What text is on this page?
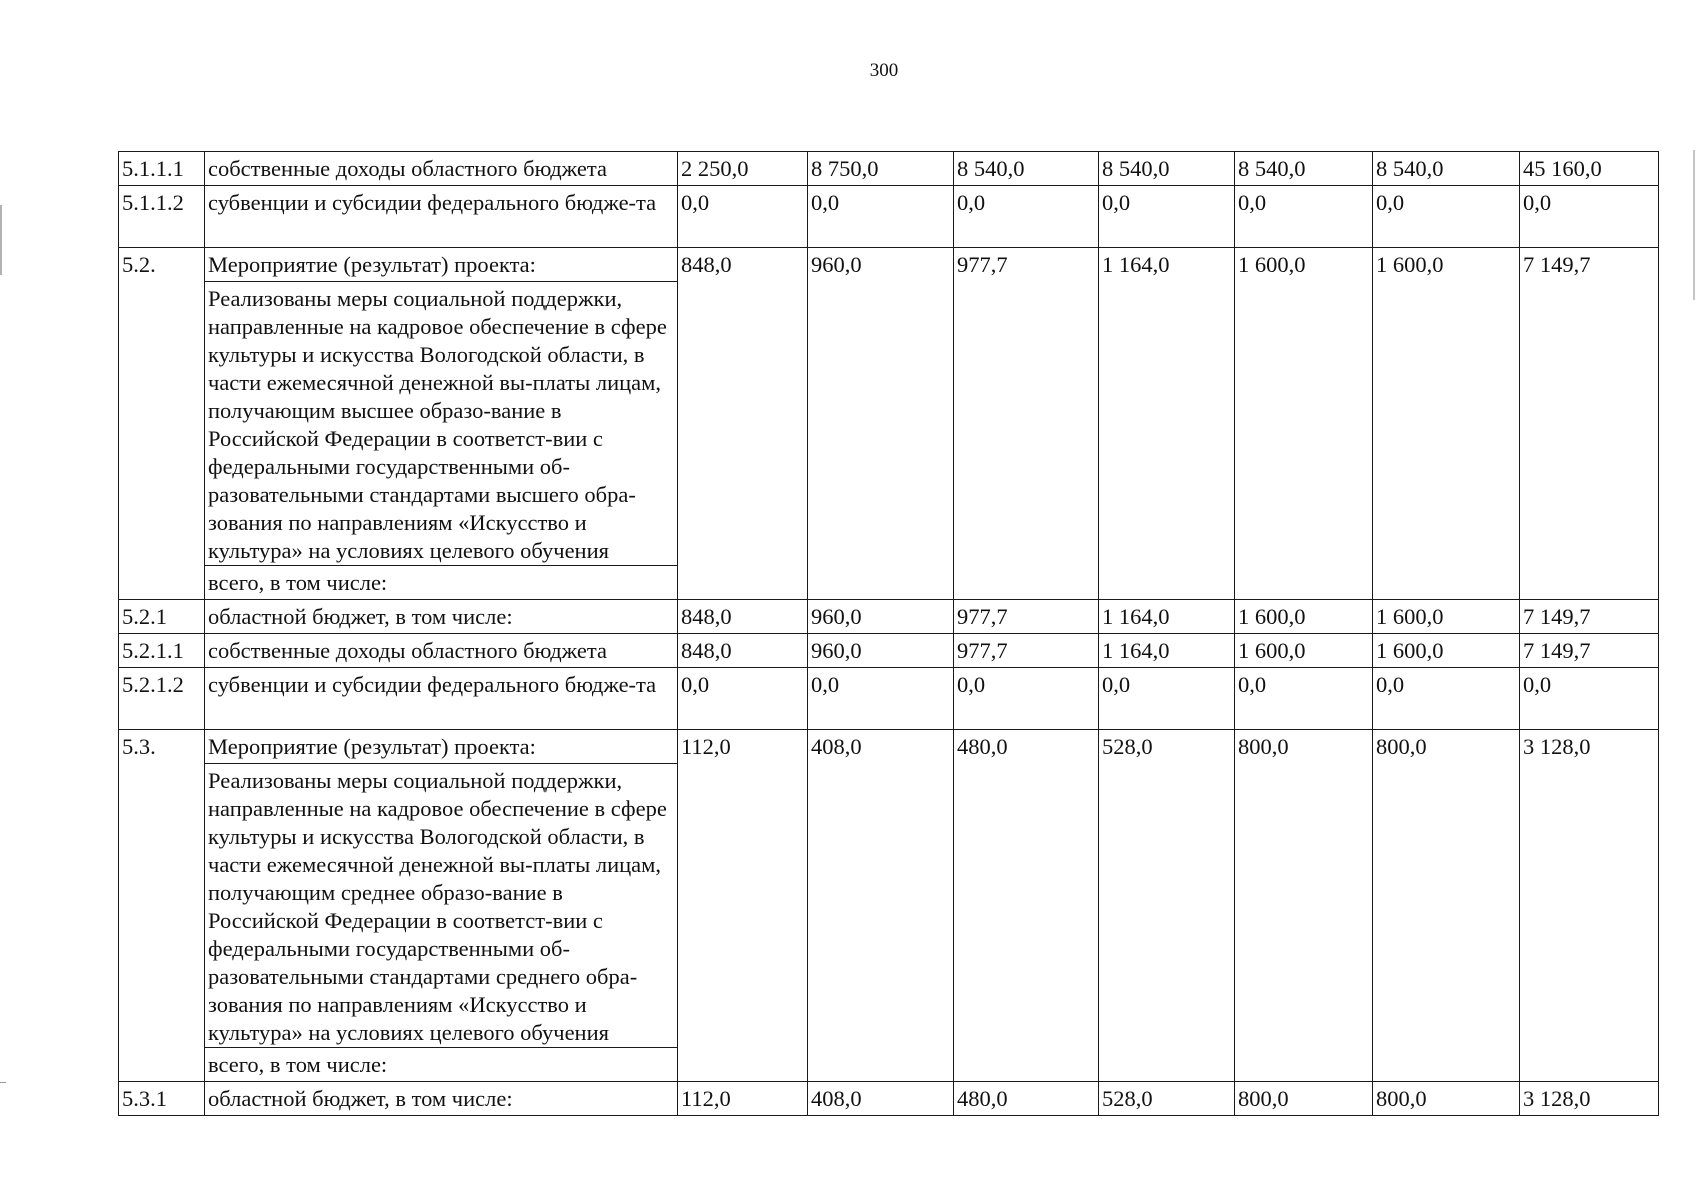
300
5.1.1.1	собственные доходы областного бюджета	2 250,0	8 750,0	8 540,0	8 540,0	8 540,0	8 540,0	45 160,0
5.1.1.2	субвенции и субсидии федерального бюдже-та	0,0	0,0	0,0	0,0	0,0	0,0	0,0
5.2.	Мероприятие (результат) проекта:	848,0	960,0	977,7	1 164,0	1 600,0	1 600,0	7 149,7
	Реализованы меры социальной поддержки, направленные на кадровое обеспечение в сфере культуры и искусства Вологодской области, в части ежемесячной денежной вы-платы лицам, получающим высшее образо-вание в Российской Федерации в соответст-вии с федеральными государственными об-разовательными стандартами высшего обра-зования по направлениям «Искусство и культура» на условиях целевого обучения							
	всего, в том числе:							
5.2.1	областной бюджет, в том числе:	848,0	960,0	977,7	1 164,0	1 600,0	1 600,0	7 149,7
5.2.1.1	собственные доходы областного бюджета	848,0	960,0	977,7	1 164,0	1 600,0	1 600,0	7 149,7
5.2.1.2	субвенции и субсидии федерального бюдже-та	0,0	0,0	0,0	0,0	0,0	0,0	0,0
5.3.	Мероприятие (результат) проекта:	112,0	408,0	480,0	528,0	800,0	800,0	3 128,0
	Реализованы меры социальной поддержки, направленные на кадровое обеспечение в сфере культуры и искусства Вологодской области, в части ежемесячной денежной вы-платы лицам, получающим среднее образо-вание в Российской Федерации в соответст-вии с федеральными государственными об-разовательными стандартами среднего обра-зования по направлениям «Искусство и культура» на условиях целевого обучения							
	всего, в том числе:							
5.3.1	областной бюджет, в том числе:	112,0	408,0	480,0	528,0	800,0	800,0	3 128,0
